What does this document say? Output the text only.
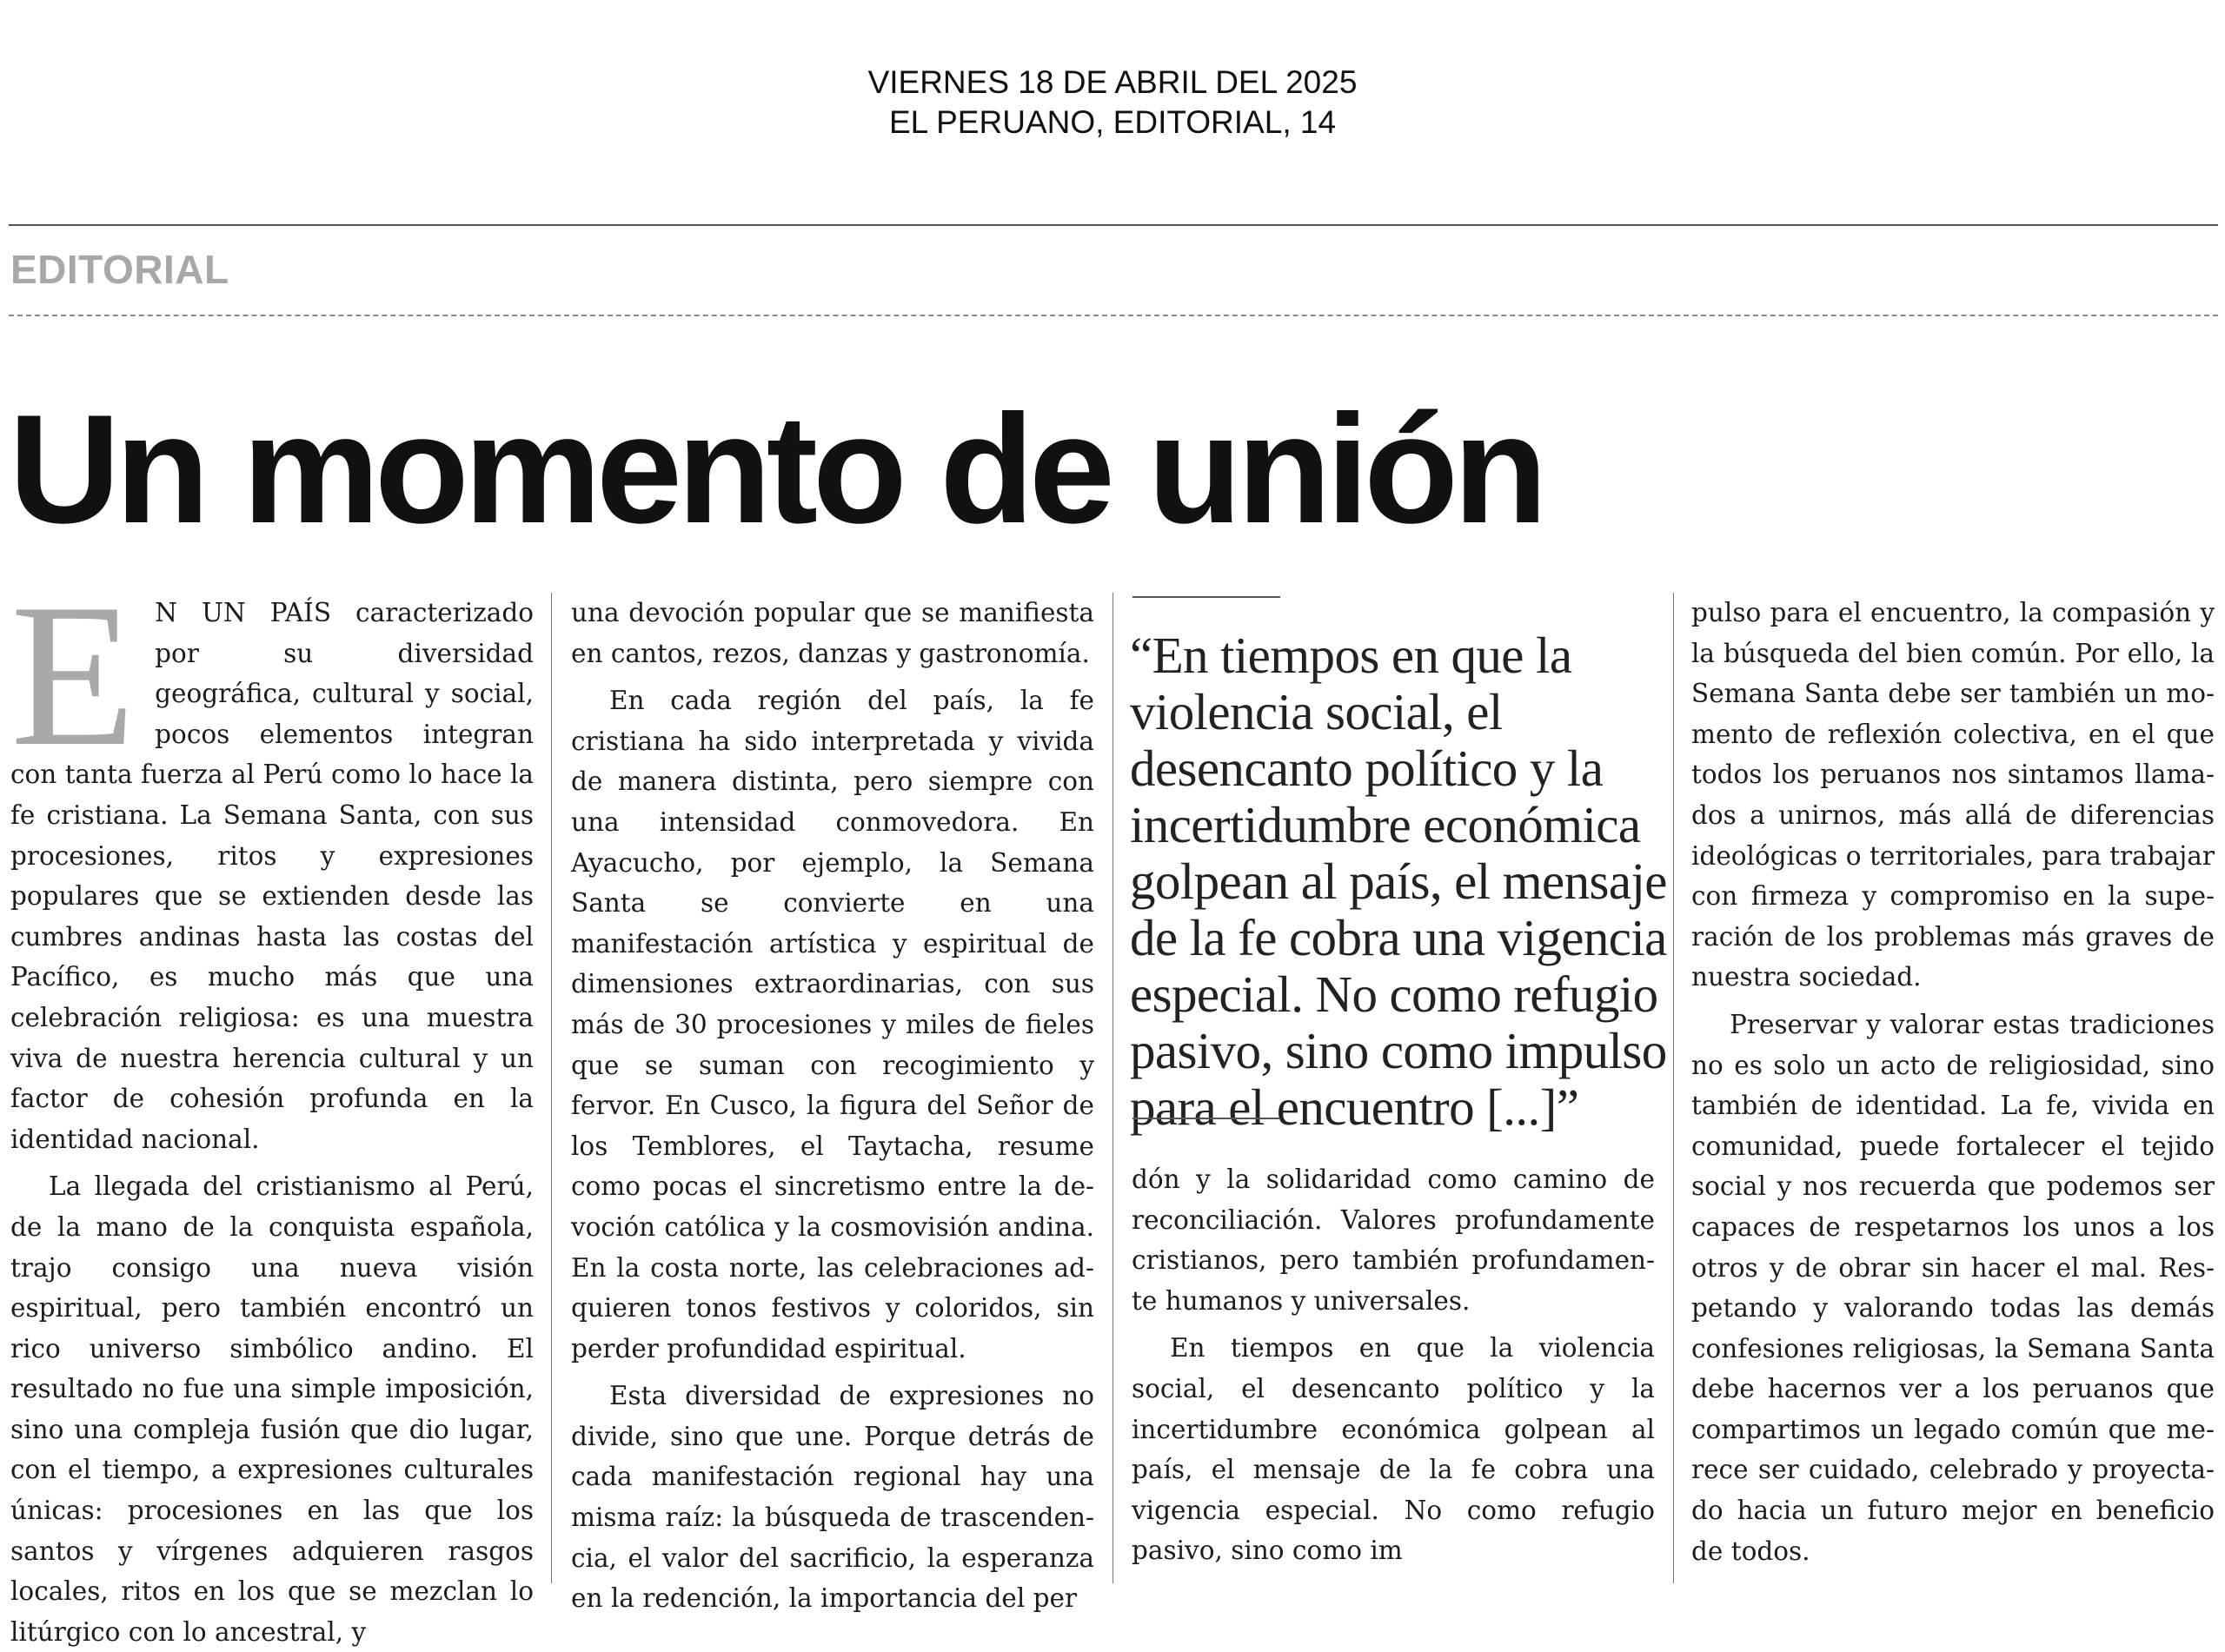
VIERNES 18 DE ABRIL DEL 2025
EL PERUANO, EDITORIAL, 14
EDITORIAL
Un momento de unión

E N UN PAÍS caracterizado por su diversidad geográfica, cultural y social, pocos elementos integran con tanta fuerza al Perú como lo hace la fe cristiana. La Semana Santa, con sus procesiones, ritos y expresiones populares que se extienden desde las cumbres andinas hasta las costas del Pacífico, es mucho más que una celebración religiosa: es una muestra viva de nuestra herencia cultural y un factor de cohesión profunda en la identidad nacional.

La llegada del cristianismo al Perú, de la mano de la conquista española, trajo consigo una nueva visión espiritual, pero también encontró un rico universo simbólico andino. El resultado no fue una simple imposición, sino una compleja fusión que dio lugar, con el tiempo, a expresiones culturales únicas: procesiones en las que los santos y vírgenes adquieren rasgos locales, ritos en los que se mezclan lo litúrgico con lo ancestral, y

una devoción popular que se manifiesta en cantos, rezos, danzas y gastronomía.

En cada región del país, la fe cristiana ha sido interpretada y vivida de manera distinta, pero siempre con una intensidad conmovedora. En Ayacucho, por ejemplo, la Semana Santa se convierte en una manifestación artística y espiritual de dimensiones extraordinarias, con sus más de 30 procesiones y miles de fieles que se suman con recogimiento y fervor. En Cusco, la figura del Señor de los Temblores, el Taytacha, resume como pocas el sincretismo entre la devoción católica y la cosmovisión andina. En la costa norte, las celebraciones adquieren tonos festivos y coloridos, sin perder profundidad espiritual.

Esta diversidad de expresiones no divide, sino que une. Porque detrás de cada manifestación regional hay una misma raíz: la búsqueda de trascendencia, el valor del sacrificio, la esperanza en la redención, la importancia del per

“En tiempos en que la violencia social, el desencanto político y la incertidumbre económica golpean al país, el mensaje de la fe cobra una vigencia especial. No como refugio pasivo, sino como impulso para el encuentro [...]”

dón y la solidaridad como camino de reconciliación. Valores profundamente cristianos, pero también profundamente humanos y universales.

En tiempos en que la violencia social, el desencanto político y la incertidumbre económica golpean al país, el mensaje de la fe cobra una vigencia especial. No como refugio pasivo, sino como im

pulso para el encuentro, la compasión y la búsqueda del bien común. Por ello, la Semana Santa debe ser también un momento de reflexión colectiva, en el que todos los peruanos nos sintamos llamados a unirnos, más allá de diferencias ideológicas o territoriales, para trabajar con firmeza y compromiso en la superación de los problemas más graves de nuestra sociedad.

Preservar y valorar estas tradiciones no es solo un acto de religiosidad, sino también de identidad. La fe, vivida en comunidad, puede fortalecer el tejido social y nos recuerda que podemos ser capaces de respetarnos los unos a los otros y de obrar sin hacer el mal. Respetando y valorando todas las demás confesiones religiosas, la Semana Santa debe hacernos ver a los peruanos que compartimos un legado común que merece ser cuidado, celebrado y proyectado hacia un futuro mejor en beneficio de todos.
